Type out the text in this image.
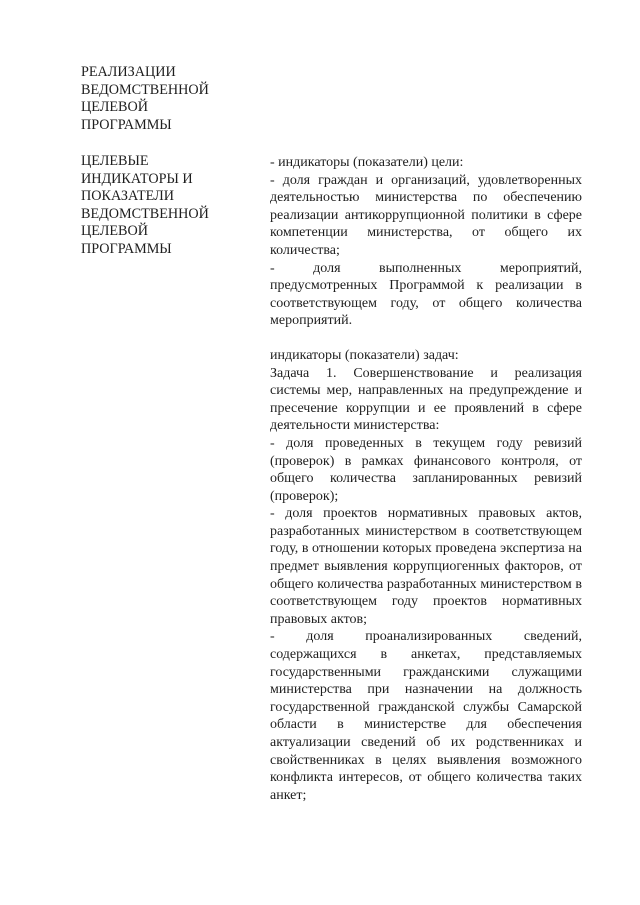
РЕАЛИЗАЦИИ
ВЕДОМСТВЕННОЙ
ЦЕЛЕВОЙ
ПРОГРАММЫ
ЦЕЛЕВЫЕ
ИНДИКАТОРЫ И
ПОКАЗАТЕЛИ
ВЕДОМСТВЕННОЙ
ЦЕЛЕВОЙ
ПРОГРАММЫ

- индикаторы (показатели) цели:

- доля граждан и организаций, удовлетворенных деятельностью министерства по обеспечению реализации антикоррупционной политики в сфере компетенции министерства, от общего их количества;

- доля выполненных мероприятий, предусмотренных Программой к реализации в соответствующем году, от общего количества мероприятий.

индикаторы (показатели) задач:

Задача 1. Совершенствование и реализация системы мер, направленных на предупреждение и пресечение коррупции и ее проявлений в сфере деятельности министерства:

- доля проведенных в текущем году ревизий (проверок) в рамках финансового контроля, от общего количества запланированных ревизий (проверок);

- доля проектов нормативных правовых актов, разработанных министерством в соответствующем году, в отношении которых проведена экспертиза на предмет выявления коррупциогенных факторов, от общего количества разработанных министерством в соответствующем году проектов нормативных правовых актов;

- доля проанализированных сведений, содержащихся в анкетах, представляемых государственными гражданскими служащими министерства при назначении на должность государственной гражданской службы Самарской области в министерстве для обеспечения актуализации сведений об их родственниках и свойственниках в целях выявления возможного конфликта интересов, от общего количества таких анкет;
